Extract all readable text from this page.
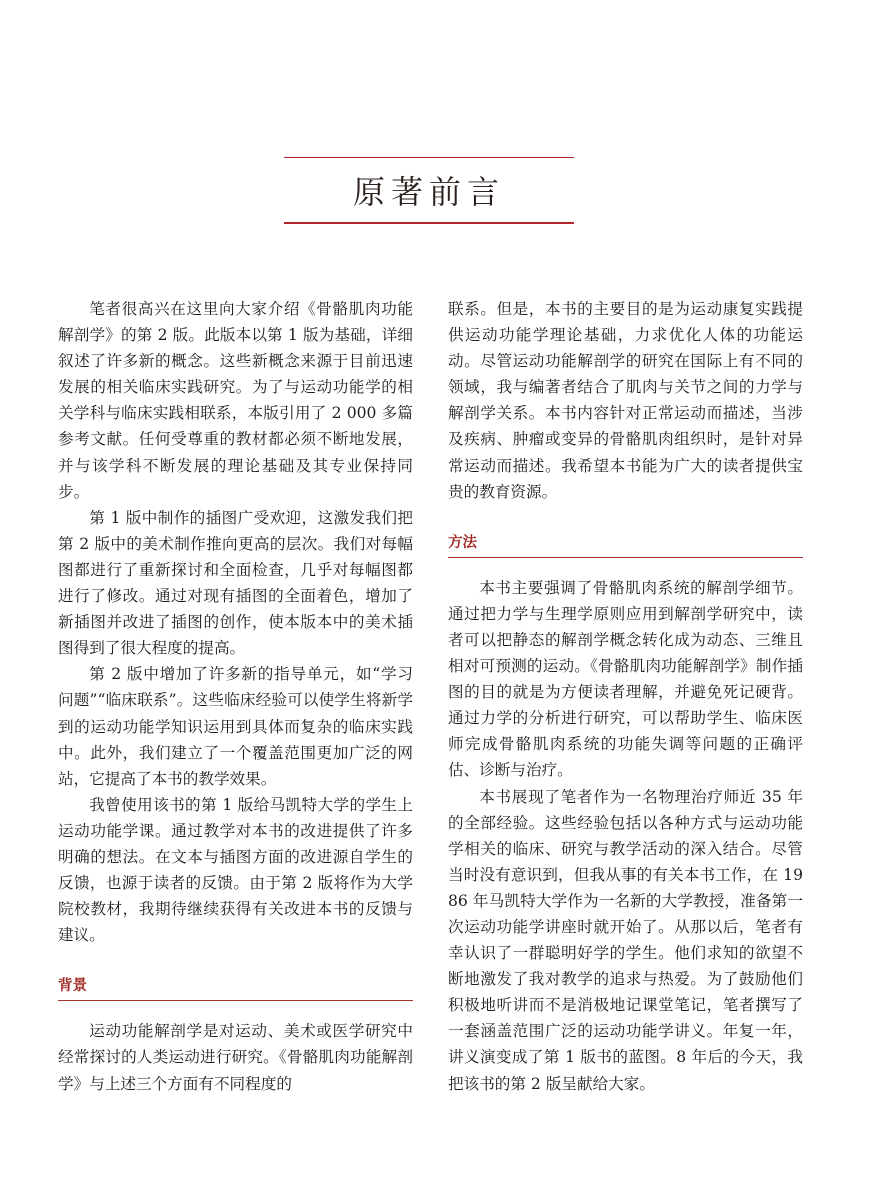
原著前言

笔者很高兴在这里向大家介绍《骨骼肌肉功能解剖学》的第 2 版。此版本以第 1 版为基础，详细叙述了许多新的概念。这些新概念来源于目前迅速发展的相关临床实践研究。为了与运动功能学的相关学科与临床实践相联系，本版引用了 2 000 多篇参考文献。任何受尊重的教材都必须不断地发展，并与该学科不断发展的理论基础及其专业保持同步。

第 1 版中制作的插图广受欢迎，这激发我们把第 2 版中的美术制作推向更高的层次。我们对每幅图都进行了重新探讨和全面检查，几乎对每幅图都进行了修改。通过对现有插图的全面着色，增加了新插图并改进了插图的创作，使本版本中的美术插图得到了很大程度的提高。

第 2 版中增加了许多新的指导单元，如“学习问题”“临床联系”。这些临床经验可以使学生将新学到的运动功能学知识运用到具体而复杂的临床实践中。此外，我们建立了一个覆盖范围更加广泛的网站，它提高了本书的教学效果。

我曾使用该书的第 1 版给马凯特大学的学生上运动功能学课。通过教学对本书的改进提供了许多明确的想法。在文本与插图方面的改进源自学生的反馈，也源于读者的反馈。由于第 2 版将作为大学院校教材，我期待继续获得有关改进本书的反馈与建议。

背景

运动功能解剖学是对运动、美术或医学研究中经常探讨的人类运动进行研究。《骨骼肌肉功能解剖学》与上述三个方面有不同程度的

联系。但是，本书的主要目的是为运动康复实践提供运动功能学理论基础，力求优化人体的功能运动。尽管运动功能解剖学的研究在国际上有不同的领域，我与编著者结合了肌肉与关节之间的力学与解剖学关系。本书内容针对正常运动而描述，当涉及疾病、肿瘤或变异的骨骼肌肉组织时，是针对异常运动而描述。我希望本书能为广大的读者提供宝贵的教育资源。

方法

本书主要强调了骨骼肌肉系统的解剖学细节。通过把力学与生理学原则应用到解剖学研究中，读者可以把静态的解剖学概念转化成为动态、三维且相对可预测的运动。《骨骼肌肉功能解剖学》制作插图的目的就是为方便读者理解，并避免死记硬背。通过力学的分析进行研究，可以帮助学生、临床医师完成骨骼肌肉系统的功能失调等问题的正确评估、诊断与治疗。

本书展现了笔者作为一名物理治疗师近 35 年的全部经验。这些经验包括以各种方式与运动功能学相关的临床、研究与教学活动的深入结合。尽管当时没有意识到，但我从事的有关本书工作，在 1986 年马凯特大学作为一名新的大学教授，准备第一次运动功能学讲座时就开始了。从那以后，笔者有幸认识了一群聪明好学的学生。他们求知的欲望不断地激发了我对教学的追求与热爱。为了鼓励他们积极地听讲而不是消极地记课堂笔记，笔者撰写了一套涵盖范围广泛的运动功能学讲义。年复一年，讲义演变成了第 1 版书的蓝图。8 年后的今天，我把该书的第 2 版呈献给大家。
